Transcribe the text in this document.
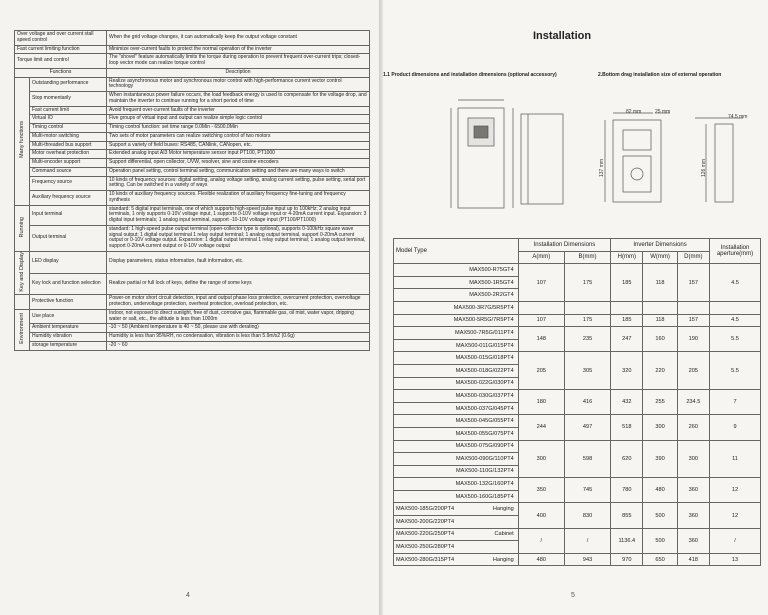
Over voltage and over current stall speed control		When the grid voltage changes, it can automatically keep the output voltage constant
Fast current limiting function		Minimize over-current faults to protect the normal operation of the inverter
Torque limit and control		The "shovel" feature automatically limits the torque during operation to prevent frequent over-current trips; closed-loop vector mode can realize torque control
Functions		Description
Many functions	Outstanding performance	Realize asynchronous motor and synchronous motor control with high-performance current vector control technology
	Stop momentarily	When instantaneous power failure occurs, the load feedback energy is used to compensate for the voltage drop, and maintain the inverter to continue running for a short period of time
	Fast current limit	Avoid frequent over-current faults of the inverter
	Virtual IO	Five groups of virtual input and output can realize simple logic control
	Timing control	Timing control function: set time range 0.0Min - 6500.0Min
	Multi-motor switching	Two sets of motor parameters can realize switching control of two motors
	Multi-threaded bus support	Support a variety of field buses: RS485, CANlink, CANopen, etc.
	Motor overheat protection	Extended analog input AI3 Motor temperature sensor input PT100, PT1000
	Multi-encoder support	Support differential, open collector, UVW, resolver, sine and cosine encoders
	Command source	Operation panel setting, control terminal setting, communication setting and there are many ways to switch
	Frequency source	10 kinds of frequency sources: digital setting, analog voltage setting, analog current setting, pulse setting, serial port setting. Can be switched in a variety of ways
	Auxiliary frequency source	10 kinds of auxiliary frequency sources. Flexible realization of auxiliary frequency fine-tuning and frequency synthesis
Running	Input terminal	standard: 5 digital input terminals, one of which supports high-speed pulse input up to 100kHz; 2 analog input terminals, 1 only supports 0-10V voltage input, 1 supports 0-10V voltage input or 4-20mA current input. Expansion: 3 digital input terminals; 1 analog input terminal, support -10-10V voltage input (PT100/PT1000)
	Output terminal	standard: 1 high-speed pulse output terminal (open-collector type is optional), supports 0-100kHz square wave signal output; 1 digital output terminal 1 relay output terminal; 1 analog output terminal, support 0-20mA current output or 0-10V voltage output. Expansion: 1 digital output terminal 1 relay output terminal; 1 analog output terminal, support 0-20mA current output or 0-10V voltage output
Key and Display	LED display	Display parameters, status information, fault information, etc.
	Key lock and function selection	Realize partial or full lock of keys, define the range of some keys
	Protective function	Power-on motor short circuit detection, input and output phase loss protection, overcurrent protection, overvoltage protection, undervoltage protection, overheat protection, overload protection, etc.
Environment	Use place	Indoor, not exposed to direct sunlight, free of dust, corrosive gas, flammable gas, oil mist, water vapor, dripping water or salt, etc., the altitude is less than 1000m
	Ambient temperature	-10 ~ 50 (Ambient temperature is 40 ~ 50, please use with derating)
	Humidity vibration	Humidity is less than 95%RH, no condensation, vibration is less than 5.9m/s2 (0.6g)
	storage temperature	-20 ~ 60
4
Installation
1.1 Product dimensions and installation dimensions (optional accessory)	2.Bottom drag installation size of external operation
82 mm	25 mm
74.5 mm
137 mm	126 mm
Model Type	Installation Dimensions		Inverter Dimensions			Installation aperture(mm)
	A(mm)	B(mm)	H(mm)	W(mm)	D(mm)	
MAX500-R75GT4	107	175	185	118	157	4.5
MAX500-1R5GT4						
MAX500-2R2GT4						
MAX500-3R7G/5R5PT4						
MAX500-5R5G/7R5PT4	107	175	185	118	157	4.5
MAX500-7R5G/011PT4	148	235	247	160	190	5.5
MAX500-011G/015PT4						
MAX500-015G/018PT4	205	305	320	220	205	5.5
MAX500-018G/022PT4						
MAX500-022G/030PT4						
MAX500-030G/037PT4	180	416	432	255	234.5	7
MAX500-037G/045PT4						
MAX500-045G/055PT4	244	497	518	300	260	9
MAX500-055G/075PT4						
MAX500-075G/090PT4	300	598	620	390	300	11
MAX500-090G/110PT4						
MAX500-110G/132PT4						
MAX500-132G/160PT4	350	745	780	480	360	12
MAX500-160G/185PT4						
MAX500-185G/200PT4 Hanging	400	830	855	500	360	12
MAX500-200G/220PT4						
MAX500-220G/250PT4 Cabinet	/	/	1136.4	500	360	/
MAX500-250G/280PT4						
MAX500-280G/315PT4 Hanging	480	943	970	650	418	13
5
